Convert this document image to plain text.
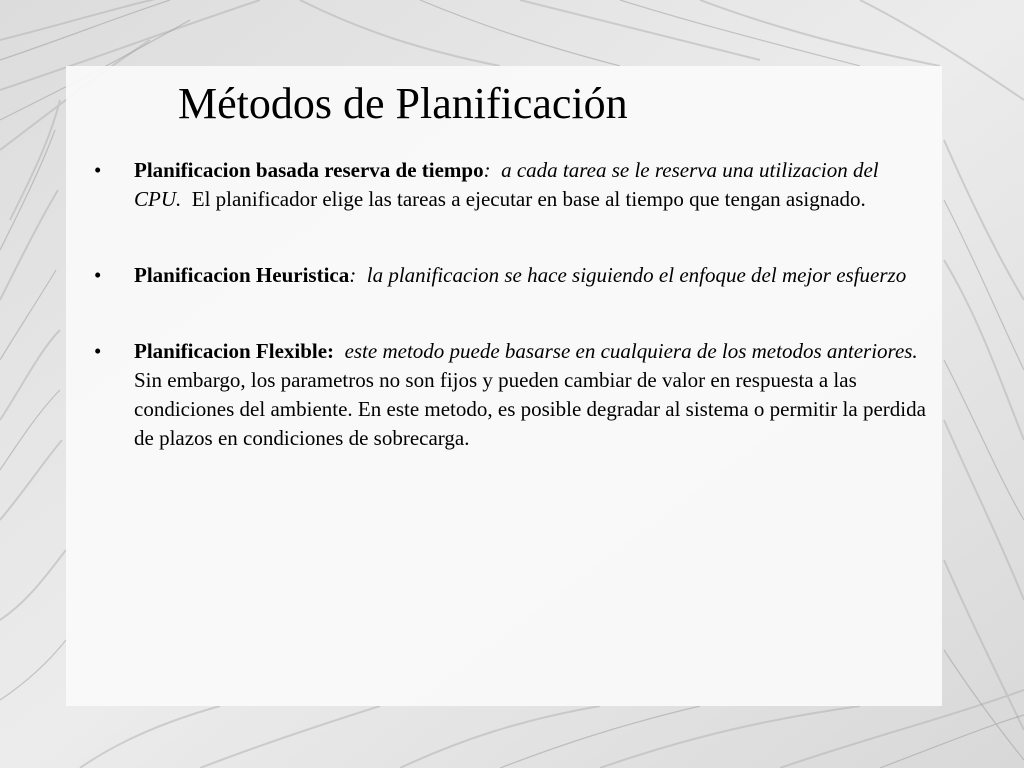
Métodos de Planificación
• Planificacion basada reserva de tiempo: a cada tarea se le reserva una utilizacion del CPU. El planificador elige las tareas a ejecutar en base al tiempo que tengan asignado.
• Planificacion Heuristica: la planificacion se hace siguiendo el enfoque del mejor esfuerzo
• Planificacion Flexible: este metodo puede basarse en cualquiera de los metodos anteriores. Sin embargo, los parametros no son fijos y pueden cambiar de valor en respuesta a las condiciones del ambiente. En este metodo, es posible degradar al sistema o permitir la perdida de plazos en condiciones de sobrecarga.
